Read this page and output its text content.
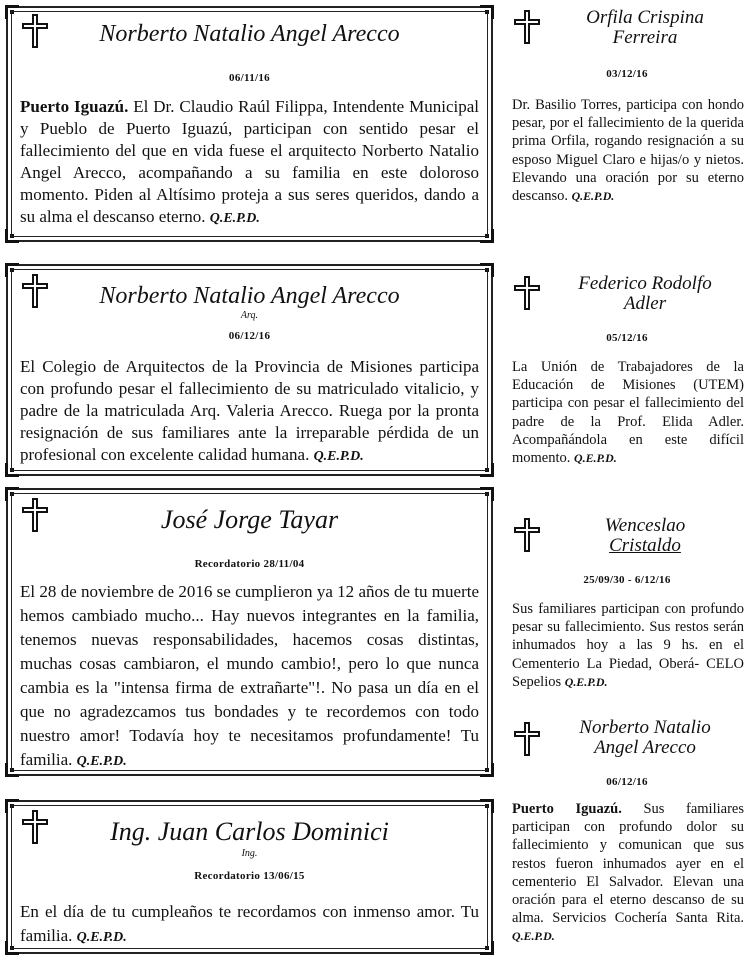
Norberto Natalio Angel Arecco
06/11/16
Puerto Iguazú. El Dr. Claudio Raúl Filippa, Intendente Municipal y Pueblo de Puerto Iguazú, participan con sentido pesar el fallecimiento del que en vida fuese el arquitecto Norberto Natalio Angel Arecco, acompañando a su familia en este doloroso momento. Piden al Altísimo proteja a sus seres queridos, dando a su alma el descanso eterno. Q.E.P.D.
Norberto Natalio Angel Arecco
Arq.
06/12/16
El Colegio de Arquitectos de la Provincia de Misiones participa con profundo pesar el fallecimiento de su matriculado vitalicio, y padre de la matriculada Arq. Valeria Arecco. Ruega por la pronta resignación de sus familiares ante la irreparable pérdida de un profesional con excelente calidad humana. Q.E.P.D.
José Jorge Tayar
Recordatorio 28/11/04
El 28 de noviembre de 2016 se cumplieron ya 12 años de tu muerte hemos cambiado mucho... Hay nuevos integrantes en la familia, tenemos nuevas responsabilidades, hacemos cosas distintas, muchas cosas cambiaron, el mundo cambio!, pero lo que nunca cambia es la "intensa firma de extrañarte"!. No pasa un día en el que no agradezcamos tus bondades y te recordemos con todo nuestro amor! Todavía hoy te necesitamos profundamente! Tu familia. Q.E.P.D.
Ing. Juan Carlos Dominici
Ing.
Recordatorio 13/06/15
En el día de tu cumpleaños te recordamos con inmenso amor. Tu familia. Q.E.P.D.
Orfila Crispina
Ferreira
03/12/16
Dr. Basilio Torres, participa con hondo pesar, por el fallecimiento de la querida prima Orfila, rogando resignación a su esposo Miguel Claro e hijas/o y nietos. Elevando una oración por su eterno descanso. Q.E.P.D.
Federico Rodolfo
Adler
05/12/16
La Unión de Trabajadores de la Educación de Misiones (UTEM) participa con pesar el fallecimiento del padre de la Prof. Elida Adler. Acompañándola en este difícil momento. Q.E.P.D.
Wenceslao
Cristaldo
25/09/30 - 6/12/16
Sus familiares participan con profundo pesar su fallecimiento. Sus restos serán inhumados hoy a las 9 hs. en el Cementerio La Piedad, Oberá- CELO Sepelios Q.E.P.D.
Norberto Natalio
Angel Arecco
06/12/16
Puerto Iguazú. Sus familiares participan con profundo dolor su fallecimiento y comunican que sus restos fueron inhumados ayer en el cementerio El Salvador. Elevan una oración para el eterno descanso de su alma. Servicios Cochería Santa Rita. Q.E.P.D.
